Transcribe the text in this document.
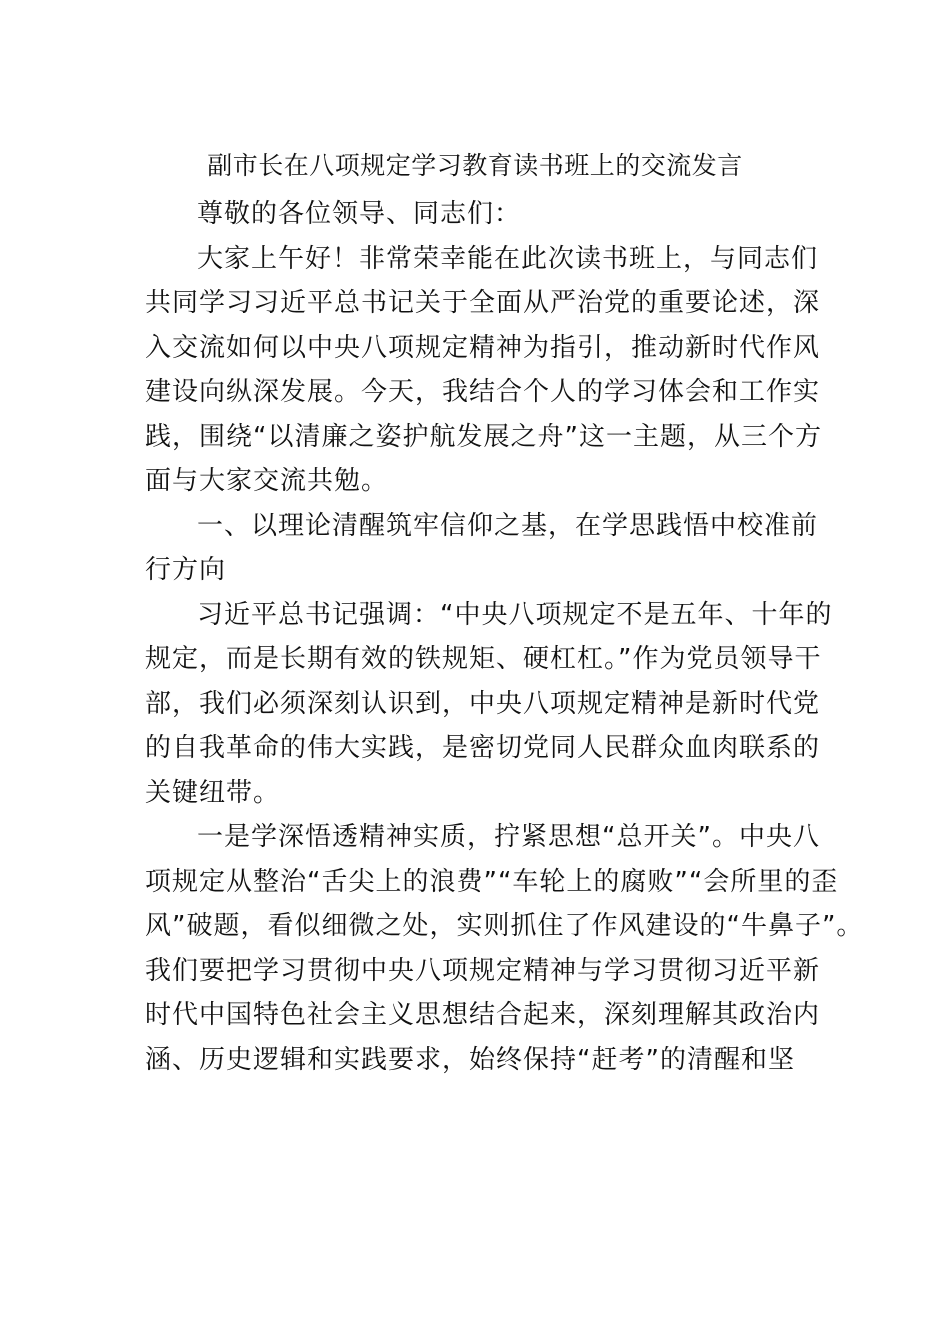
副市长在八项规定学习教育读书班上的交流发言
尊敬的各位领导、同志们：
大家上午好！非常荣幸能在此次读书班上，与同志们
共同学习习近平总书记关于全面从严治党的重要论述，深
入交流如何以中央八项规定精神为指引，推动新时代作风
建设向纵深发展。今天，我结合个人的学习体会和工作实
践，围绕“以清廉之姿护航发展之舟”这一主题，从三个方
面与大家交流共勉。
一、以理论清醒筑牢信仰之基，在学思践悟中校准前
行方向
习近平总书记强调：“中央八项规定不是五年、十年的
规定，而是长期有效的铁规矩、硬杠杠。”作为党员领导干
部，我们必须深刻认识到，中央八项规定精神是新时代党
的自我革命的伟大实践，是密切党同人民群众血肉联系的
关键纽带。
一是学深悟透精神实质，拧紧思想“总开关”。中央八
项规定从整治“舌尖上的浪费”“车轮上的腐败”“会所里的歪
风”破题，看似细微之处，实则抓住了作风建设的“牛鼻子”。
我们要把学习贯彻中央八项规定精神与学习贯彻习近平新
时代中国特色社会主义思想结合起来，深刻理解其政治内
涵、历史逻辑和实践要求，始终保持“赶考”的清醒和坚
